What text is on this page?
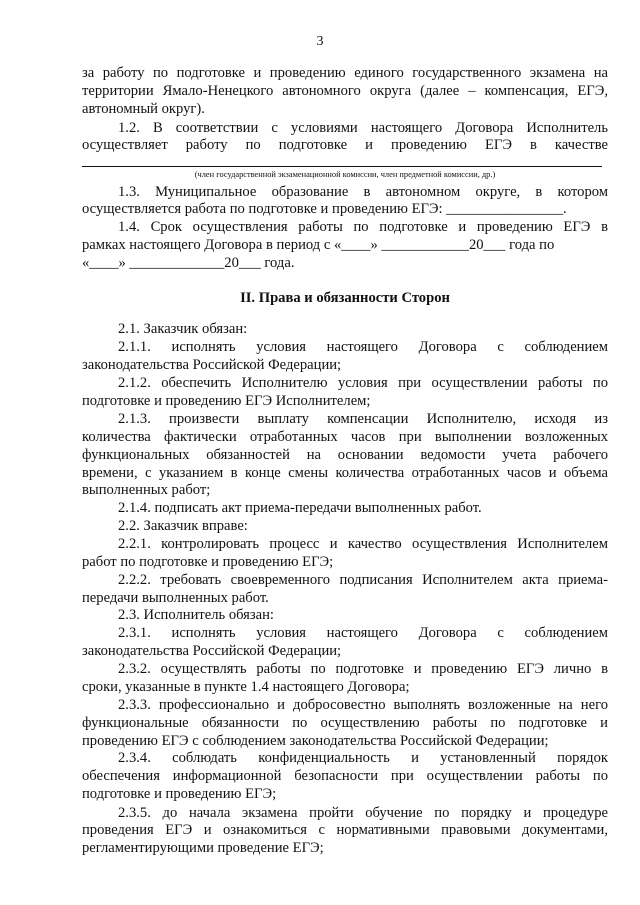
3
за работу по подготовке и проведению единого государственного экзамена на
территории Ямало-Ненецкого автономного округа (далее – компенсация, ЕГЭ,
автономный округ).
1.2. В соответствии с условиями настоящего Договора Исполнитель
осуществляет работу по подготовке и проведению ЕГЭ в качестве
(член государственной экзаменационной комиссии, член предметной комиссии, др.)
1.3. Муниципальное образование в автономном округе, в котором
осуществляется работа по подготовке и проведению ЕГЭ: ________________.
1.4. Срок осуществления работы по подготовке и проведению ЕГЭ в
рамках настоящего Договора в период с «____» ____________20___ года по
«____» _____________20___ года.
II. Права и обязанности Сторон
2.1. Заказчик обязан:
2.1.1. исполнять условия настоящего Договора с соблюдением
законодательства Российской Федерации;
2.1.2. обеспечить Исполнителю условия при осуществлении работы по
подготовке и проведению ЕГЭ Исполнителем;
2.1.3. произвести выплату компенсации Исполнителю, исходя из
количества фактически отработанных часов при выполнении возложенных
функциональных обязанностей на основании ведомости учета рабочего
времени, с указанием в конце смены количества отработанных часов и объема
выполненных работ;
2.1.4. подписать акт приема-передачи выполненных работ.
2.2. Заказчик вправе:
2.2.1. контролировать процесс и качество осуществления Исполнителем
работ по подготовке и проведению ЕГЭ;
2.2.2. требовать своевременного подписания Исполнителем акта приема-
передачи выполненных работ.
2.3. Исполнитель обязан:
2.3.1. исполнять условия настоящего Договора с соблюдением
законодательства Российской Федерации;
2.3.2. осуществлять работы по подготовке и проведению ЕГЭ лично в
сроки, указанные в пункте 1.4 настоящего Договора;
2.3.3. профессионально и добросовестно выполнять возложенные на него
функциональные обязанности по осуществлению работы по подготовке и
проведению ЕГЭ с соблюдением законодательства Российской Федерации;
2.3.4. соблюдать конфиденциальность и установленный порядок
обеспечения информационной безопасности при осуществлении работы по
подготовке и проведению ЕГЭ;
2.3.5. до начала экзамена пройти обучение по порядку и процедуре
проведения ЕГЭ и ознакомиться с нормативными правовыми документами,
регламентирующими проведение ЕГЭ;
